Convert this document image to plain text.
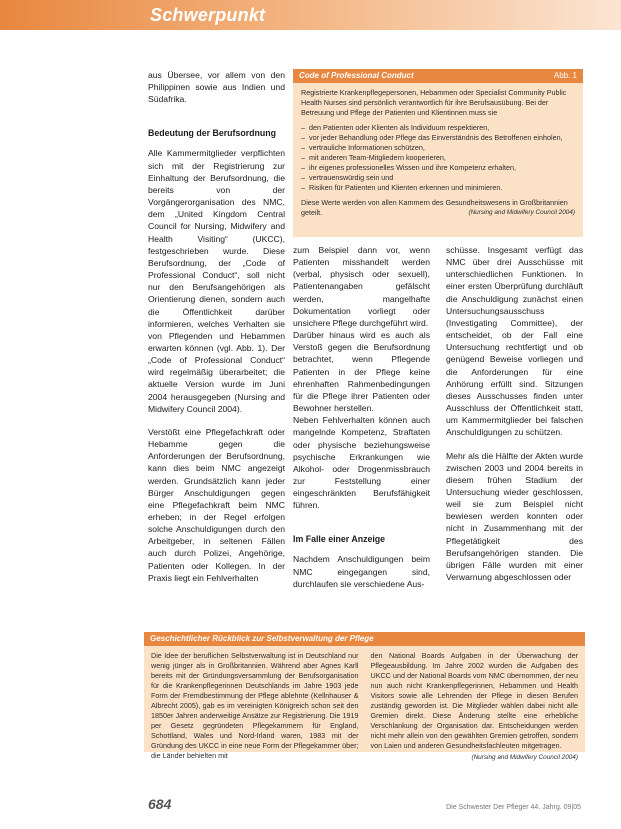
Schwerpunkt

aus Übersee, vor allem von den Philippinen sowie aus Indien und Südafrika.

Bedeutung der Berufsordnung

Alle Kammermitglieder verpflichten sich mit der Registrierung zur Einhaltung der Berufsordnung, die bereits von der Vorgängerorganisation des NMC, dem „United Kingdom Central Council for Nursing, Midwifery and Health Visiting“ (UKCC), festgeschrieben wurde. Diese Berufsordnung, der „Code of Professional Conduct“, soll nicht nur den Berufsangehörigen als Orientierung dienen, sondern auch die Öffentlichkeit darüber informieren, welches Verhalten sie von Pflegenden und Hebammen erwarten können (vgl. Abb. 1). Der „Code of Professional Conduct“ wird regelmäßig überarbeitet; die aktuelle Version wurde im Juni 2004 herausgegeben (Nursing and Midwifery Council 2004).

Verstößt eine Pflegefachkraft oder Hebamme gegen die Anforderungen der Berufsordnung, kann dies beim NMC angezeigt werden. Grundsätzlich kann jeder Bürger Anschuldigungen gegen eine Pflegefachkraft beim NMC erheben; in der Regel erfolgen solche Anschuldigungen durch den Arbeitgeber, in seltenen Fällen auch durch Polizei, Angehörige, Patienten oder Kollegen. In der Praxis liegt ein Fehlverhalten

Code of Professional Conduct	Abb. 1

Registrierte Krankenpflegepersonen, Hebammen oder Specialist Community Public Health Nurses sind persönlich verantwortlich für ihre Berufsausübung. Bei der Betreuung und Pflege der Patienten und Klientinnen muss sie

– den Patienten oder Klienten als Individuum respektieren,
– vor jeder Behandlung oder Pflege das Einverständnis des Betroffenen einholen,
– vertrauliche Informationen schützen,
– mit anderen Team-Mitgliedern kooperieren,
– ihr eigenes professionelles Wissen und ihre Kompetenz erhalten,
– vertrauenswürdig sein und
– Risiken für Patienten und Klienten erkennen und minimieren.

Diese Werte werden von allen Kammern des Gesundheitswesens in Großbritannien geteilt.	(Nursing and Midwifery Council 2004)

zum Beispiel dann vor, wenn Patienten misshandelt werden (verbal, physisch oder sexuell), Patientenangaben gefälscht werden, mangelhafte Dokumentation vorliegt oder unsichere Pflege durchgeführt wird.

Darüber hinaus wird es auch als Verstoß gegen die Berufsordnung betrachtet, wenn Pflegende Patienten in der Pflege keine ehrenhaften Rahmenbedingungen für die Pflege ihrer Patienten oder Bewohner herstellen.

Neben Fehlverhalten können auch mangelnde Kompetenz, Straftaten oder physische beziehungsweise psychische Erkrankungen wie Alkohol- oder Drogenmissbrauch zur Feststellung einer eingeschränkten Berufsfähigkeit führen.

Im Falle einer Anzeige

Nachdem Anschuldigungen beim NMC eingegangen sind, durchlaufen sie verschiedene Aus-

schüsse. Insgesamt verfügt das NMC über drei Ausschüsse mit unterschiedlichen Funktionen. In einer ersten Überprüfung durchläuft die Anschuldigung zunächst einen Untersuchungsausschuss (Investigating Committee), der entscheidet, ob der Fall eine Untersuchung rechtfertigt und ob genügend Beweise vorliegen und die Anforderungen für eine Anhörung erfüllt sind. Sitzungen dieses Ausschusses finden unter Ausschluss der Öffentlichkeit statt, um Kammermitglieder bei falschen Anschuldigungen zu schützen.

Mehr als die Hälfte der Akten wurde zwischen 2003 und 2004 bereits in diesem frühen Stadium der Untersuchung wieder geschlossen, weil sie zum Beispiel nicht bewiesen werden konnten oder nicht in Zusammenhang mit der Pflegetätigkeit des Berufsangehörigen standen. Die übrigen Fälle wurden mit einer Verwarnung abgeschlossen oder

Geschichtlicher Rückblick zur Selbstverwaltung der Pflege
Die Idee der beruflichen Selbstverwaltung ist in Deutschland nur wenig jünger als in Großbritannien. Während aber Agnes Karll bereits mit der Gründungsversammlung der Berufsorganisation für die Krankenpflegerinnen Deutschlands im Jahre 1903 jede Form der Fremdbestimmung der Pflege ablehnte (Kellnhauser & Albrecht 2005), gab es im vereinigten Königreich schon seit den 1850er Jahren anderweitige Ansätze zur Registrierung. Die 1919 per Gesetz gegründeten Pflegekammern für England, Schottland, Wales und Nord-Irland waren, 1983 mit der Gründung des UKCC in eine neue Form der Pflegekammer über; die Länder behielten mit
den National Boards Aufgaben in der Überwachung der Pflegeausbildung. Im Jahre 2002 wurden die Aufgaben des UKCC und der National Boards vom NMC übernommen, der neu nun auch nicht Krankenpflegerinnen, Hebammen und Health Visitors sowie alle Lehrenden der Pflege in diesen Berufen zuständig geworden ist. Die Mitglieder wählen dabei nicht alle Gremien direkt. Diese Änderung stellte eine erhebliche Verschlankung der Organisation dar. Entscheidungen werden nicht mehr allein von den gewählten Gremien getroffen, sondern von Laien und anderen Gesundheitsfachleuten mitgetragen.

(Nursing and Midwifery Council 2004)

684	Die Schwester Der Pfleger 44. Jahrg. 09|05
